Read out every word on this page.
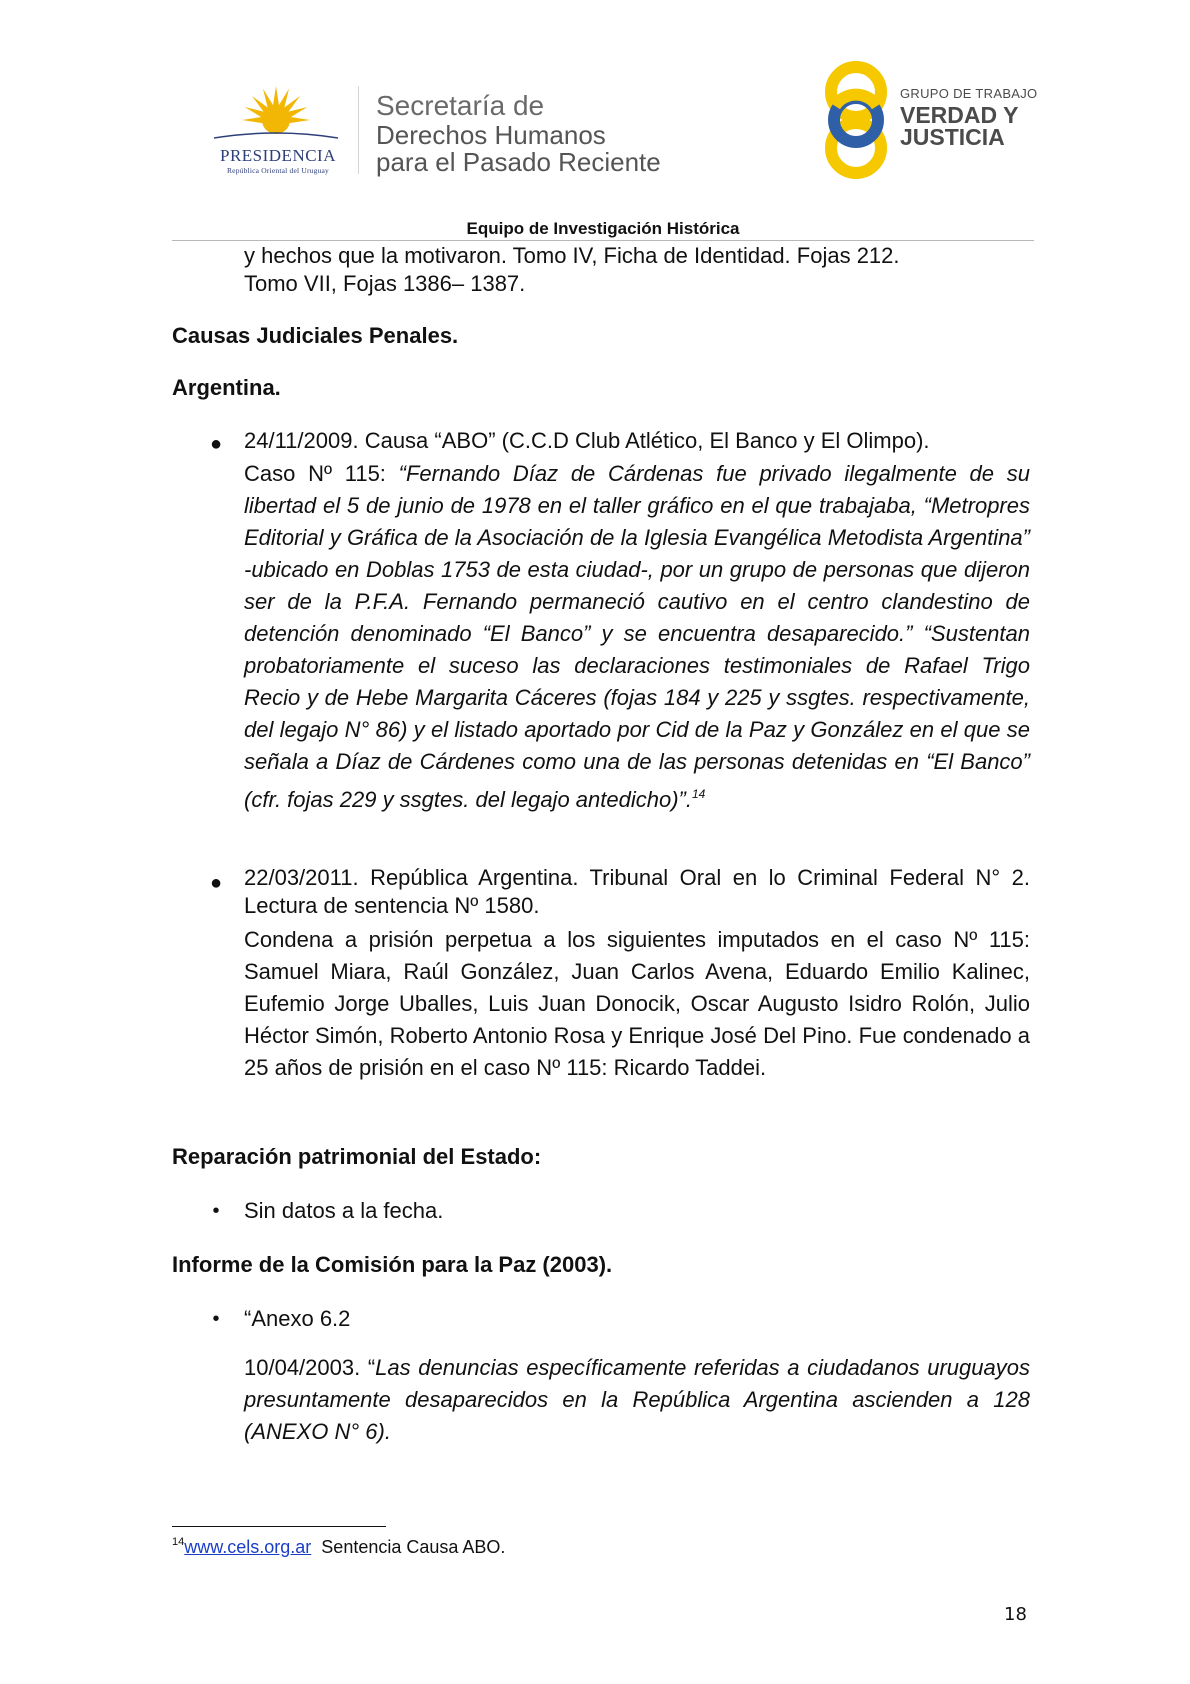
PRESIDENCIA
República Oriental del Uruguay
Secretaría de
Derechos Humanos
para el Pasado Reciente
GRUPO DE TRABAJO
VERDAD Y
JUSTICIA
Equipo de Investigación Histórica
y hechos que la motivaron. Tomo IV, Ficha de Identidad. Fojas 212.
Tomo VII, Fojas 1386– 1387.
Causas Judiciales Penales.
Argentina.
● 24/11/2009. Causa “ABO” (C.C.D Club Atlético, El Banco y El Olimpo).
Caso Nº 115: “Fernando Díaz de Cárdenas fue privado ilegalmente de su libertad el 5 de junio de 1978 en el taller gráfico en el que trabajaba, “Metropres Editorial y Gráfica de la Asociación de la Iglesia Evangélica Metodista Argentina” -ubicado en Doblas 1753 de esta ciudad-, por un grupo de personas que dijeron ser de la P.F.A. Fernando permaneció cautivo en el centro clandestino de detención denominado “El Banco” y se encuentra desaparecido.” “Sustentan probatoriamente el suceso las declaraciones testimoniales de Rafael Trigo Recio y de Hebe Margarita Cáceres (fojas 184 y 225 y ssgtes. respectivamente, del legajo N° 86) y el listado aportado por Cid de la Paz y González en el que se señala a Díaz de Cárdenes como una de las personas detenidas en “El Banco” (cfr. fojas 229 y ssgtes. del legajo antedicho)”.$^{14}$
● 22/03/2011. República Argentina. Tribunal Oral en lo Criminal Federal N° 2. Lectura de sentencia Nº 1580.
Condena a prisión perpetua a los siguientes imputados en el caso Nº 115: Samuel Miara, Raúl González, Juan Carlos Avena, Eduardo Emilio Kalinec, Eufemio Jorge Uballes, Luis Juan Donocik, Oscar Augusto Isidro Rolón, Julio Héctor Simón, Roberto Antonio Rosa y Enrique José Del Pino. Fue condenado a 25 años de prisión en el caso Nº 115: Ricardo Taddei.
Reparación patrimonial del Estado:
• Sin datos a la fecha.
Informe de la Comisión para la Paz (2003).
• “Anexo 6.2
10/04/2003. “Las denuncias específicamente referidas a ciudadanos uruguayos presuntamente desaparecidos en la República Argentina ascienden a 128 (ANEXO N° 6).
$^{14}$www.cels.org.ar  Sentencia Causa ABO.
18
